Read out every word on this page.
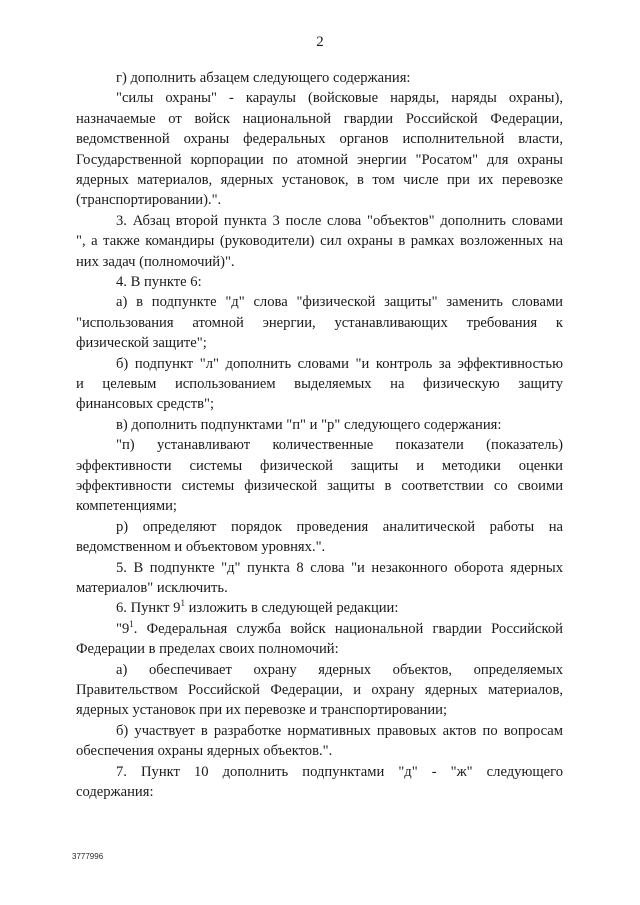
2
г) дополнить абзацем следующего содержания:
"силы охраны" - караулы (войсковые наряды, наряды охраны),
назначаемые от войск национальной гвардии Российской Федерации,
ведомственной охраны федеральных органов исполнительной власти,
Государственной корпорации по атомной энергии "Росатом" для охраны
ядерных материалов, ядерных установок, в том числе при их перевозке
(транспортировании).".
3. Абзац второй пункта 3 после слова "объектов" дополнить словами
", а также командиры (руководители) сил охраны в рамках возложенных на
них задач (полномочий)".
4. В пункте 6:
а) в подпункте "д" слова "физической защиты" заменить словами
"использования атомной энергии, устанавливающих требования к
физической защите";
б) подпункт "л" дополнить словами "и контроль за эффективностью
и целевым использованием выделяемых на физическую защиту
финансовых средств";
в) дополнить подпунктами "п" и "р" следующего содержания:
"п) устанавливают количественные показатели (показатель)
эффективности системы физической защиты и методики оценки
эффективности системы физической защиты в соответствии со своими
компетенциями;
р) определяют порядок проведения аналитической работы на
ведомственном и объектовом уровнях.".
5. В подпункте "д" пункта 8 слова "и незаконного оборота ядерных
материалов" исключить.
6. Пункт $9^1$ изложить в следующей редакции:
"$9^1$. Федеральная служба войск национальной гвардии Российской
Федерации в пределах своих полномочий:
а) обеспечивает охрану ядерных объектов, определяемых
Правительством Российской Федерации, и охрану ядерных материалов,
ядерных установок при их перевозке и транспортировании;
б) участвует в разработке нормативных правовых актов по вопросам
обеспечения охраны ядерных объектов.".
7. Пункт 10 дополнить подпунктами "д" - "ж" следующего
содержания:
3777996
